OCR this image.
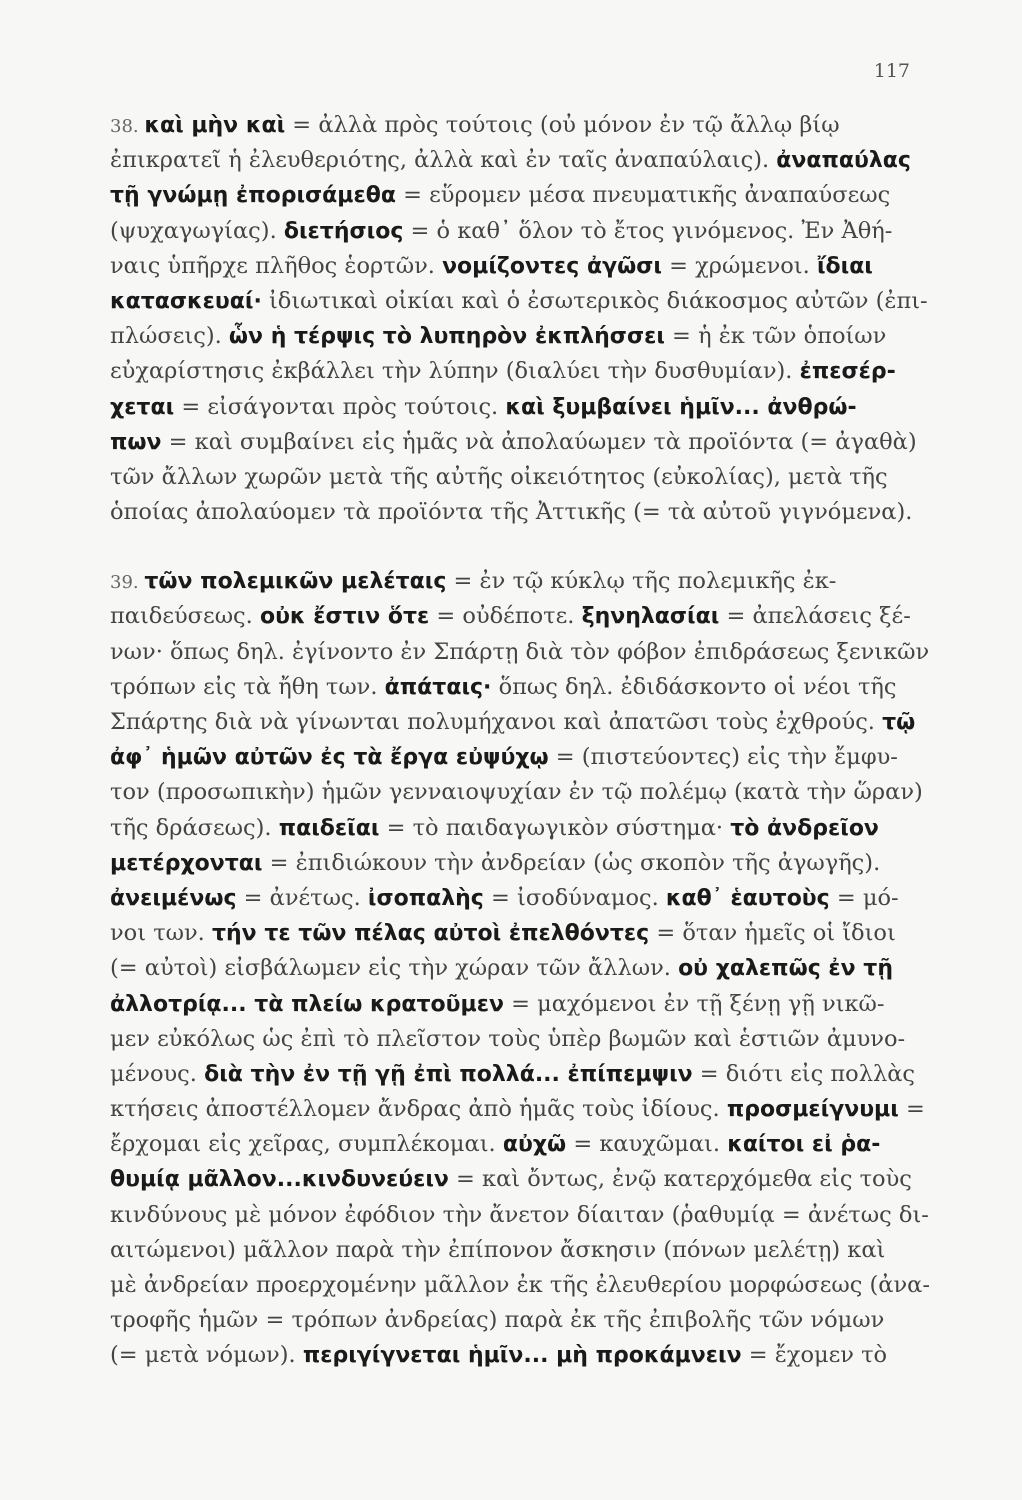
117
38. καὶ μὴν καὶ = ἀλλὰ πρὸς τούτοις (οὐ μόνον ἐν τῷ ἄλλῳ βίῳ
ἐπικρατεῖ ἡ ἐλευθεριότης, ἀλλὰ καὶ ἐν ταῖς ἀναπαύλαις). ἀναπαύλας
τῇ γνώμῃ ἐπορισάμεθα = εὕρομεν μέσα πνευματικῆς ἀναπαύσεως
(ψυχαγωγίας). διετήσιος = ὁ καθ᾽ ὅλον τὸ ἔτος γινόμενος. Ἐν Ἀθή-
ναις ὑπῆρχε πλῆθος ἑορτῶν. νομίζοντες ἀγῶσι = χρώμενοι. ἴδιαι
κατασκευαί· ἰδιωτικαὶ οἰκίαι καὶ ὁ ἐσωτερικὸς διάκοσμος αὐτῶν (ἐπι-
πλώσεις). ὧν ἡ τέρψις τὸ λυπηρὸν ἐκπλήσσει = ἡ ἐκ τῶν ὁποίων
εὐχαρίστησις ἐκβάλλει τὴν λύπην (διαλύει τὴν δυσθυμίαν). ἐπεσέρ-
χεται = εἰσάγονται πρὸς τούτοις. καὶ ξυμβαίνει ἡμῖν... ἀνθρώ-
πων = καὶ συμβαίνει εἰς ἡμᾶς νὰ ἀπολαύωμεν τὰ προϊόντα (= ἀγαθὰ)
τῶν ἄλλων χωρῶν μετὰ τῆς αὐτῆς οἰκειότητος (εὐκολίας), μετὰ τῆς
ὁποίας ἀπολαύομεν τὰ προϊόντα τῆς Ἀττικῆς (= τὰ αὐτοῦ γιγνόμενα).
39. τῶν πολεμικῶν μελέταις = ἐν τῷ κύκλῳ τῆς πολεμικῆς ἐκ-
παιδεύσεως. οὐκ ἔστιν ὅτε = οὐδέποτε. ξηνηλασίαι = ἀπελάσεις ξέ-
νων· ὅπως δηλ. ἐγίνοντο ἐν Σπάρτῃ διὰ τὸν φόβον ἐπιδράσεως ξενικῶν
τρόπων εἰς τὰ ἤθη των. ἀπάταις· ὅπως δηλ. ἐδιδάσκοντο οἱ νέοι τῆς
Σπάρτης διὰ νὰ γίνωνται πολυμήχανοι καὶ ἀπατῶσι τοὺς ἐχθρούς. τῷ
ἀφ᾽ ἡμῶν αὐτῶν ἐς τὰ ἔργα εὐψύχῳ = (πιστεύοντες) εἰς τὴν ἔμφυ-
τον (προσωπικὴν) ἡμῶν γενναιοψυχίαν ἐν τῷ πολέμῳ (κατὰ τὴν ὥραν)
τῆς δράσεως). παιδεῖαι = τὸ παιδαγωγικὸν σύστημα· τὸ ἀνδρεῖον
μετέρχονται = ἐπιδιώκουν τὴν ἀνδρείαν (ὡς σκοπὸν τῆς ἀγωγῆς).
ἀνειμένως = ἀνέτως. ἰσοπαλὴς = ἰσοδύναμος. καθ᾽ ἑαυτοὺς = μό-
νοι των. τήν τε τῶν πέλας αὐτοὶ ἐπελθόντες = ὅταν ἡμεῖς οἱ ἴδιοι
(= αὐτοὶ) εἰσβάλωμεν εἰς τὴν χώραν τῶν ἄλλων. οὐ χαλεπῶς ἐν τῇ
ἀλλοτρίᾳ... τὰ πλείω κρατοῦμεν = μαχόμενοι ἐν τῇ ξένῃ γῇ νικῶ-
μεν εὐκόλως ὡς ἐπὶ τὸ πλεῖστον τοὺς ὑπὲρ βωμῶν καὶ ἑστιῶν ἀμυνο-
μένους. διὰ τὴν ἐν τῇ γῇ ἐπὶ πολλά... ἐπίπεμψιν = διότι εἰς πολλὰς
κτήσεις ἀποστέλλομεν ἄνδρας ἀπὸ ἡμᾶς τοὺς ἰδίους. προσμείγνυμι =
ἔρχομαι εἰς χεῖρας, συμπλέκομαι. αὐχῶ = καυχῶμαι. καίτοι εἰ ῥα-
θυμίᾳ μᾶλλον...κινδυνεύειν = καὶ ὄντως, ἐνῷ κατερχόμεθα εἰς τοὺς
κινδύνους μὲ μόνον ἐφόδιον τὴν ἄνετον δίαιταν (ῥαθυμίᾳ = ἀνέτως δι-
αιτώμενοι) μᾶλλον παρὰ τὴν ἐπίπονον ἄσκησιν (πόνων μελέτῃ) καὶ
μὲ ἀνδρείαν προερχομένην μᾶλλον ἐκ τῆς ἐλευθερίου μορφώσεως (ἀνα-
τροφῆς ἡμῶν = τρόπων ἀνδρείας) παρὰ ἐκ τῆς ἐπιβολῆς τῶν νόμων
(= μετὰ νόμων). περιγίγνεται ἡμῖν... μὴ προκάμνειν = ἔχομεν τὸ
